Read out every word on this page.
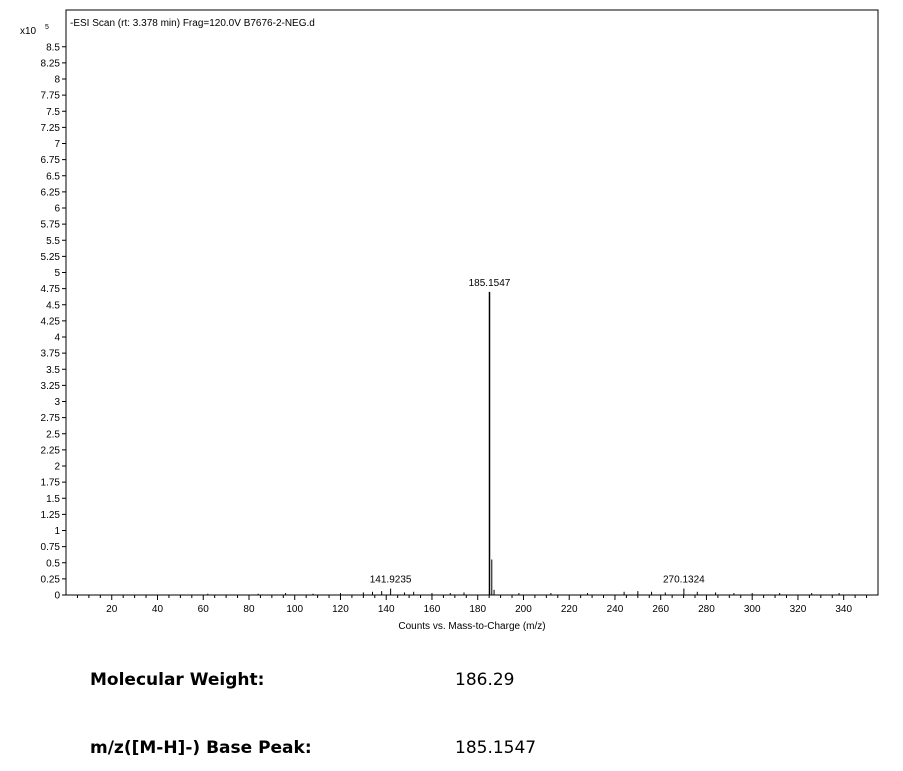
-ESI Scan (rt: 3.378 min) Frag=120.0V B7676-2-NEG.d
x10 5
0
0.25
0.5
0.75
1
1.25
1.5
1.75
2
2.25
2.5
2.75
3
3.25
3.5
3.75
4
4.25
4.5
4.75
5
5.25
5.5
5.75
6
6.25
6.5
6.75
7
7.25
7.5
7.75
8
8.25
8.5
20	40	60	80	100	120	140	160	180	200	220	240	260	280	300	320	340
185.1547
141.9235	270.1324
Counts vs. Mass-to-Charge (m/z)
Molecular Weight:	186.29
m/z([M-H]-) Base Peak:	185.1547
